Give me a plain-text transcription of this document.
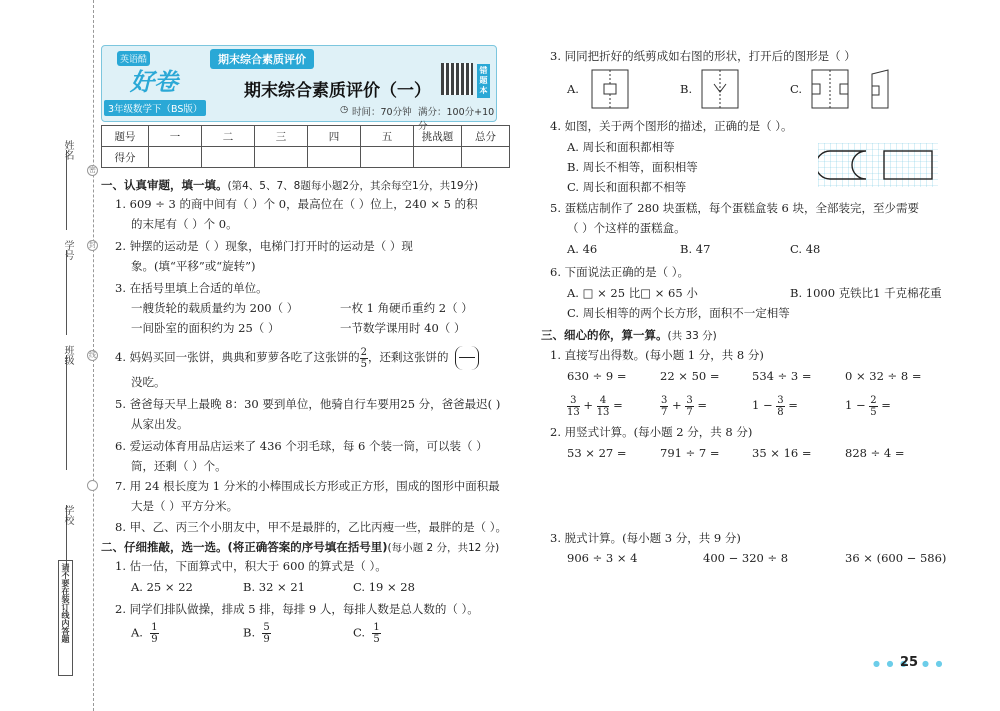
密
封
线
姓名
学号
班级
学校
请不要在装订线内答题
英语酷
好卷
3年级数学下（BS版）
期末综合素质评价
期末综合素质评价（一）
错题本
◷ 时间：70分钟 满分：100分+10分
题号	一	二	三	四	五	挑战题	总分
得分							
一、认真审题，填一填。(第4、5、7、8题每小题2分，其余每空1分，共19分)
1. 609 ÷ 3 的商中间有（ ）个 0，最高位在（ ）位上，240 × 5 的积
的末尾有（ ）个 0。
2. 钟摆的运动是（ ）现象，电梯门打开时的运动是（ ）现
象。(填“平移”或“旋转”)
3. 在括号里填上合适的单位。
一艘货轮的载质量约为 200（ ）	一枚 1 角硬币重约 2（ ）
一间卧室的面积约为 25（ ）	一节数学课用时 40（ ）
4. 妈妈买回一张饼，典典和萝萝各吃了这张饼的 $\frac{2}{5}$ ，还剩这张饼的
没吃。
5. 爸爸每天早上最晚 8：30 要到单位，他骑自行车要用25 分，爸爸最迟( )
从家出发。
6. 爱运动体育用品店运来了 436 个羽毛球，每 6 个装一筒，可以装（ ）
筒，还剩（ ）个。
7. 用 24 根长度为 1 分米的小棒围成长方形或正方形，围成的图形中面积最
大是（ ）平方分米。
8. 甲、乙、丙三个小朋友中，甲不是最胖的，乙比丙瘦一些，最胖的是（ ）。
二、仔细推敲，选一选。(将正确答案的序号填在括号里)(每小题 2 分，共12 分)
1. 估一估，下面算式中，积大于 600 的算式是（ ）。
A. 25 × 22	B. 32 × 21	C. 19 × 28
2. 同学们排队做操，排成 5 排，每排 9 人，每排人数是总人数的（ ）。
A. $\frac{1}{9}$	B. $\frac{5}{9}$	C. $\frac{1}{5}$
3. 同同把折好的纸剪成如右图的形状，打开后的图形是（ ）
A.	B.	C.
4. 如图，关于两个图形的描述，正确的是（ ）。
A. 周长和面积都相等
B. 周长不相等，面积相等
C. 周长和面积都不相等
5. 蛋糕店制作了 280 块蛋糕，每个蛋糕盒装 6 块，全部装完，至少需要
（ ）个这样的蛋糕盒。
A. 46	B. 47	C. 48
6. 下面说法正确的是（ ）。
A. □ × 25 比□ × 65 小	B. 1000 克铁比1 千克棉花重
C. 周长相等的两个长方形，面积不一定相等
三、细心的你，算一算。(共 33 分)
1. 直接写出得数。(每小题 1 分，共 8 分)
630 ÷ 9 =	22 × 50 =	534 ÷ 3 =	0 × 32 ÷ 8 =
$\frac{3}{13} + \frac{4}{13}$ =	$\frac{3}{7} + \frac{3}{7}$ =	$1 - \frac{3}{8}$ =	$1 - \frac{2}{5}$ =
2. 用竖式计算。(每小题 2 分，共 8 分)
53 × 27 =	791 ÷ 7 =	35 × 16 =	828 ÷ 4 =
3. 脱式计算。(每小题 3 分，共 9 分)
906 ÷ 3 × 4	400 − 320 ÷ 8	36 × (600 − 586)
● ● ●
25 ● ●
